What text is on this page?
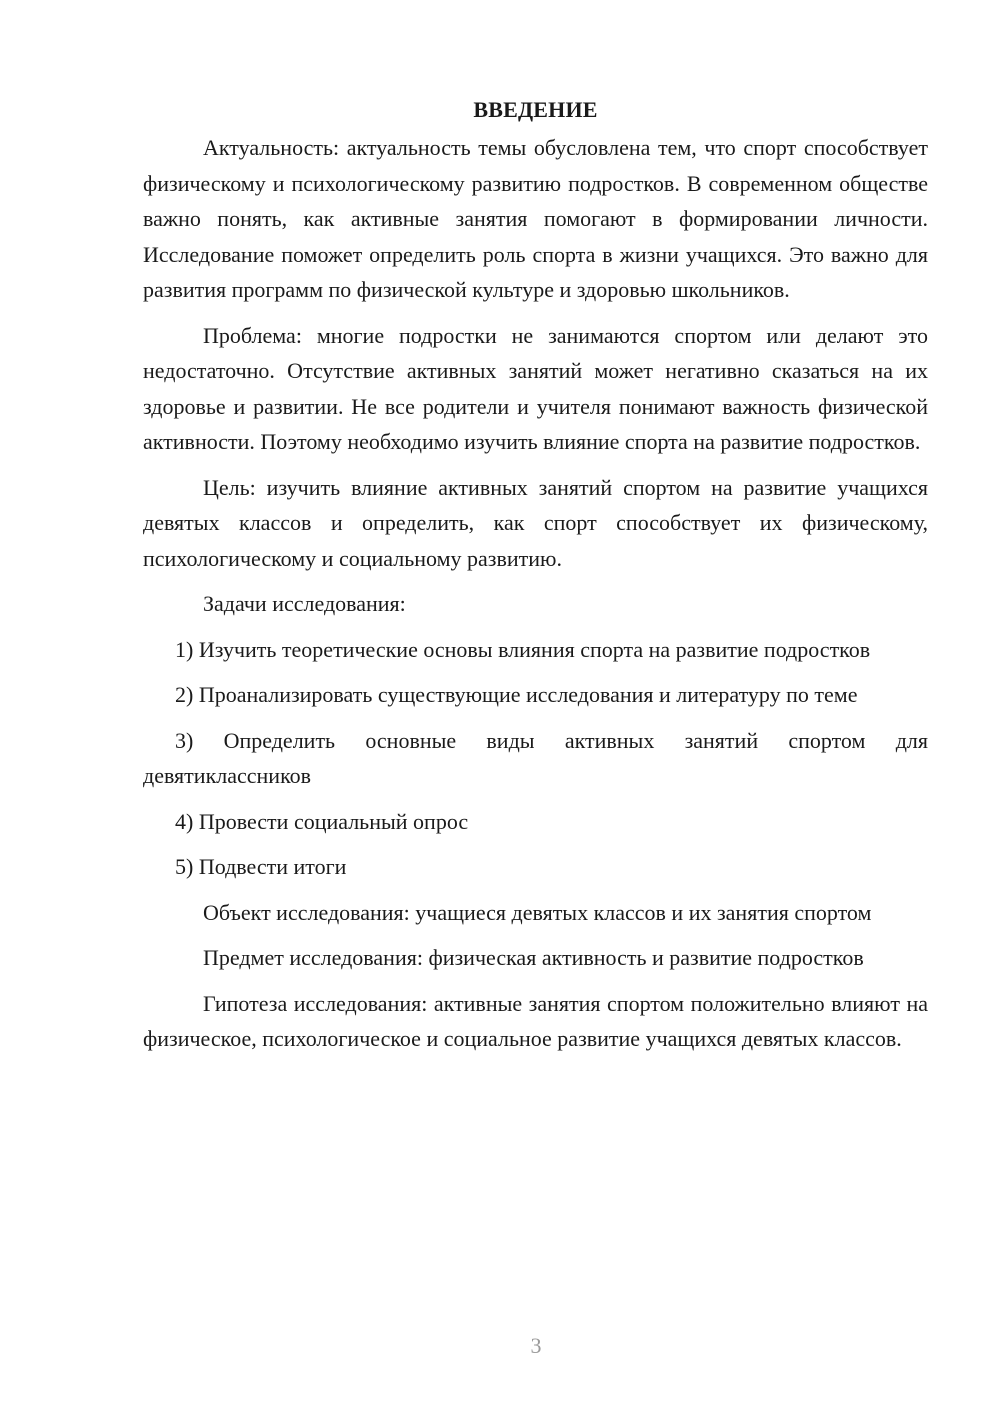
ВВЕДЕНИЕ

Актуальность: актуальность темы обусловлена тем, что спорт способствует физическому и психологическому развитию подростков. В современном обществе важно понять, как активные занятия помогают в формировании личности. Исследование поможет определить роль спорта в жизни учащихся. Это важно для развития программ по физической культуре и здоровью школьников.

Проблема: многие подростки не занимаются спортом или делают это недостаточно. Отсутствие активных занятий может негативно сказаться на их здоровье и развитии. Не все родители и учителя понимают важность физической активности. Поэтому необходимо изучить влияние спорта на развитие подростков.

Цель: изучить влияние активных занятий спортом на развитие учащихся девятых классов и определить, как спорт способствует их физическому, психологическому и социальному развитию.

Задачи исследования:

1) Изучить теоретические основы влияния спорта на развитие подростков

2) Проанализировать существующие исследования и литературу по теме

3) Определить основные виды активных занятий спортом для девятиклассников

4) Провести социальный опрос

5) Подвести итоги

Объект исследования: учащиеся девятых классов и их занятия спортом

Предмет исследования: физическая активность и развитие подростков

Гипотеза исследования: активные занятия спортом положительно влияют на физическое, психологическое и социальное развитие учащихся девятых классов.

3
